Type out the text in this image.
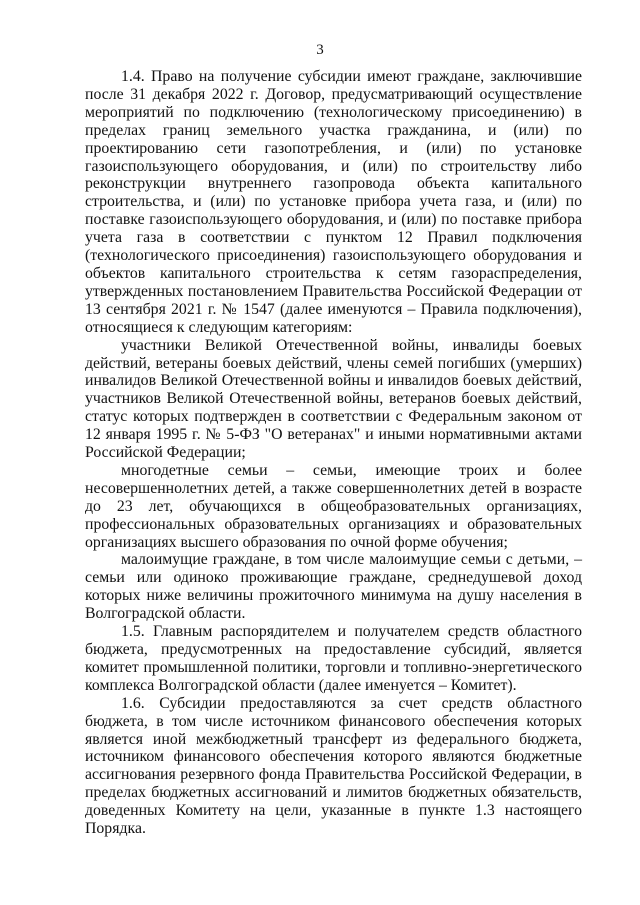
3

1.4. Право на получение субсидии имеют граждане, заключившие после 31 декабря 2022 г. Договор, предусматривающий осуществление мероприятий по подключению (технологическому присоединению) в пределах границ земельного участка гражданина, и (или) по проектированию сети газопотребления, и (или) по установке газоиспользующего оборудования, и (или) по строительству либо реконструкции внутреннего газопровода объекта капитального строительства, и (или) по установке прибора учета газа, и (или) по поставке газоиспользующего оборудования, и (или) по поставке прибора учета газа в соответствии с пунктом 12 Правил подключения (технологического присоединения) газоиспользующего оборудования и объектов капитального строительства к сетям газораспределения, утвержденных постановлением Правительства Российской Федерации от 13 сентября 2021 г. № 1547 (далее именуются – Правила подключения), относящиеся к следующим категориям:

участники Великой Отечественной войны, инвалиды боевых действий, ветераны боевых действий, члены семей погибших (умерших) инвалидов Великой Отечественной войны и инвалидов боевых действий, участников Великой Отечественной войны, ветеранов боевых действий, статус которых подтвержден в соответствии с Федеральным законом от 12 января 1995 г. № 5-ФЗ "О ветеранах" и иными нормативными актами Российской Федерации;

многодетные семьи – семьи, имеющие троих и более несовершеннолетних детей, а также совершеннолетних детей в возрасте до 23 лет, обучающихся в общеобразовательных организациях, профессиональных образовательных организациях и образовательных организациях высшего образования по очной форме обучения;

малоимущие граждане, в том числе малоимущие семьи с детьми, – семьи или одиноко проживающие граждане, среднедушевой доход которых ниже величины прожиточного минимума на душу населения в Волгоградской области.

1.5. Главным распорядителем и получателем средств областного бюджета, предусмотренных на предоставление субсидий, является комитет промышленной политики, торговли и топливно-энергетического комплекса Волгоградской области (далее именуется – Комитет).

1.6. Субсидии предоставляются за счет средств областного бюджета, в том числе источником финансового обеспечения которых является иной межбюджетный трансферт из федерального бюджета, источником финансового обеспечения которого являются бюджетные ассигнования резервного фонда Правительства Российской Федерации, в пределах бюджетных ассигнований и лимитов бюджетных обязательств, доведенных Комитету на цели, указанные в пункте 1.3 настоящего Порядка.
